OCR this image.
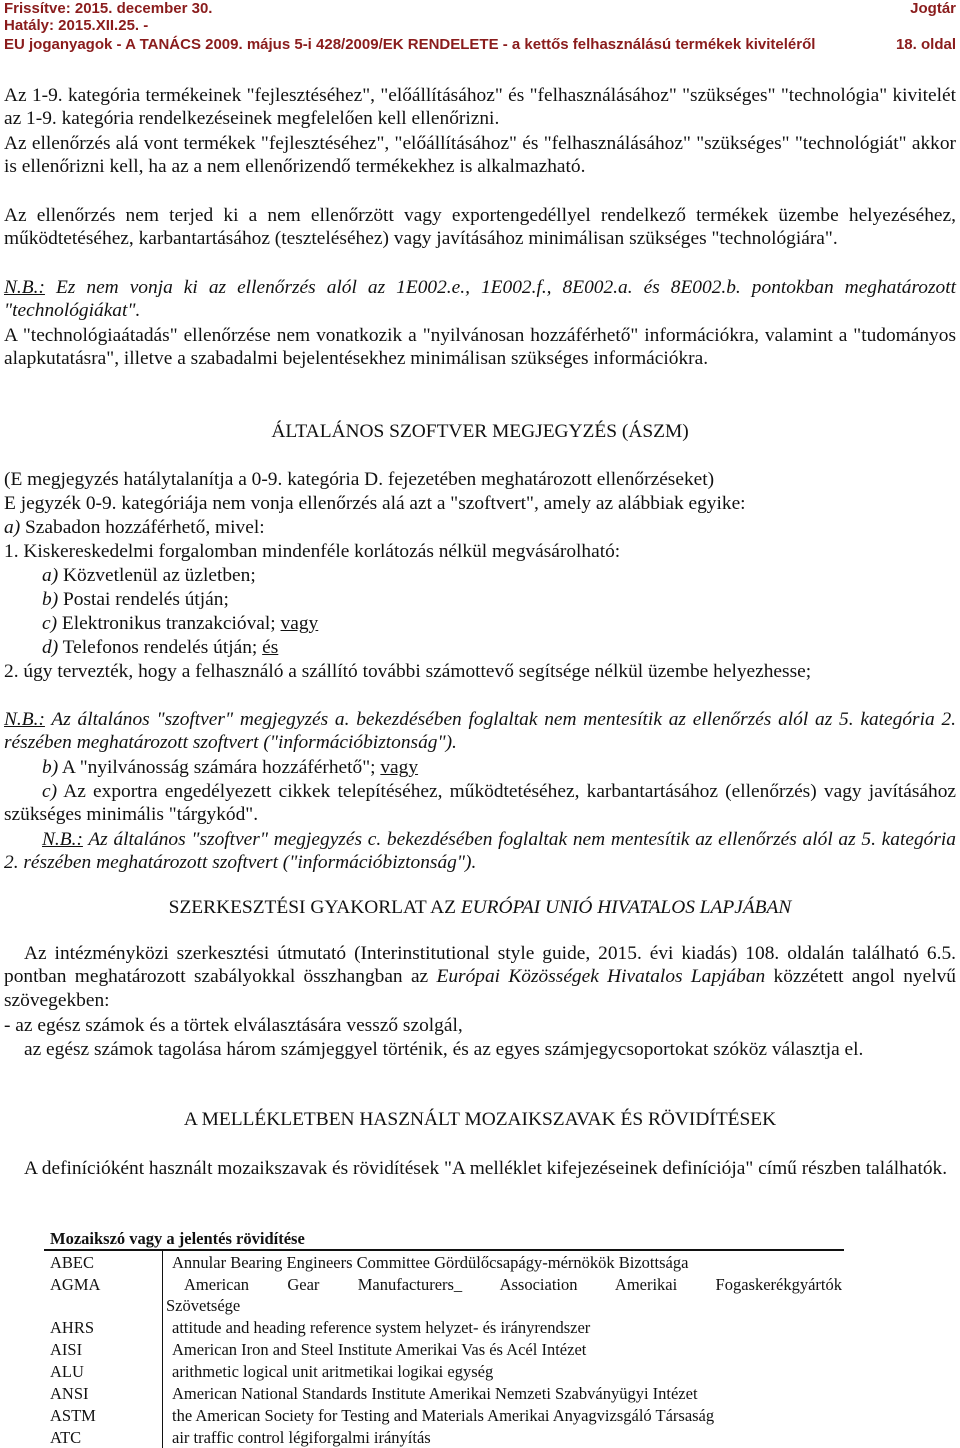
Frissítve: 2015. december 30.	Jogtár
Hatály: 2015.XII.25. -
EU joganyagok - A TANÁCS 2009. május 5-i 428/2009/EK RENDELETE - a kettős felhasználású termékek kiviteléről	18. oldal
Az 1-9. kategória termékeinek "fejlesztéséhez", "előállításához" és "felhasználásához" "szükséges" "technológia" kivitelét az 1-9. kategória rendelkezéseinek megfelelően kell ellenőrizni.
Az ellenőrzés alá vont termékek "fejlesztéséhez", "előállításához" és "felhasználásához" "szükséges" "technológiát" akkor is ellenőrizni kell, ha az a nem ellenőrizendő termékekhez is alkalmazható.
Az ellenőrzés nem terjed ki a nem ellenőrzött vagy exportengedéllyel rendelkező termékek üzembe helyezéséhez, működtetéséhez, karbantartásához (teszteléséhez) vagy javításához minimálisan szükséges "technológiára".
N.B.: Ez nem vonja ki az ellenőrzés alól az 1E002.e., 1E002.f., 8E002.a. és 8E002.b. pontokban meghatározott "technológiákat".
A "technológiaátadás" ellenőrzése nem vonatkozik a "nyilvánosan hozzáférhető" információkra, valamint a "tudományos alapkutatásra", illetve a szabadalmi bejelentésekhez minimálisan szükséges információkra.
ÁLTALÁNOS SZOFTVER MEGJEGYZÉS (ÁSZM)
(E megjegyzés hatálytalanítja a 0-9. kategória D. fejezetében meghatározott ellenőrzéseket)
E jegyzék 0-9. kategóriája nem vonja ellenőrzés alá azt a "szoftvert", amely az alábbiak egyike:
a) Szabadon hozzáférhető, mivel:
1. Kiskereskedelmi forgalomban mindenféle korlátozás nélkül megvásárolható:
a) Közvetlenül az üzletben;
b) Postai rendelés útján;
c) Elektronikus tranzakcióval; vagy
d) Telefonos rendelés útján; és
2. úgy tervezték, hogy a felhasználó a szállító további számottevő segítsége nélkül üzembe helyezhesse;
N.B.: Az általános "szoftver" megjegyzés a. bekezdésében foglaltak nem mentesítik az ellenőrzés alól az 5. kategória 2. részében meghatározott szoftvert ("információbiztonság").
b) A "nyilvánosság számára hozzáférhető"; vagy
c) Az exportra engedélyezett cikkek telepítéséhez, működtetéséhez, karbantartásához (ellenőrzés) vagy javításához szükséges minimális "tárgykód".
N.B.: Az általános "szoftver" megjegyzés c. bekezdésében foglaltak nem mentesítik az ellenőrzés alól az 5. kategória 2. részében meghatározott szoftvert ("információbiztonság").
SZERKESZTÉSI GYAKORLAT AZ EURÓPAI UNIÓ HIVATALOS LAPJÁBAN
Az intézményközi szerkesztési útmutató (Interinstitutional style guide, 2015. évi kiadás) 108. oldalán található 6.5. pontban meghatározott szabályokkal összhangban az Európai Közösségek Hivatalos Lapjában közzétett angol nyelvű szövegekben:
- az egész számok és a törtek elválasztására vessző szolgál,
az egész számok tagolása három számjeggyel történik, és az egyes számjegycsoportokat szóköz választja el.
A MELLÉKLETBEN HASZNÁLT MOZAIKSZAVAK ÉS RÖVIDÍTÉSEK
A definícióként használt mozaikszavak és rövidítések "A melléklet kifejezéseinek definíciója" című részben találhatók.
Mozaikszó vagy a jelentés rövidítése
ABEC	Annular Bearing Engineers Committee Gördülőcsapágy-mérnökök Bizottsága
AGMA	American Gear Manufacturers_ Association Amerikai Fogaskerékgyártók
Szövetsége
AHRS	attitude and heading reference system helyzet- és irányrendszer
AISI	American Iron and Steel Institute Amerikai Vas és Acél Intézet
ALU	arithmetic logical unit aritmetikai logikai egység
ANSI	American National Standards Institute Amerikai Nemzeti Szabványügyi Intézet
ASTM	the American Society for Testing and Materials Amerikai Anyagvizsgáló Társaság
ATC	air traffic control légiforgalmi irányítás
